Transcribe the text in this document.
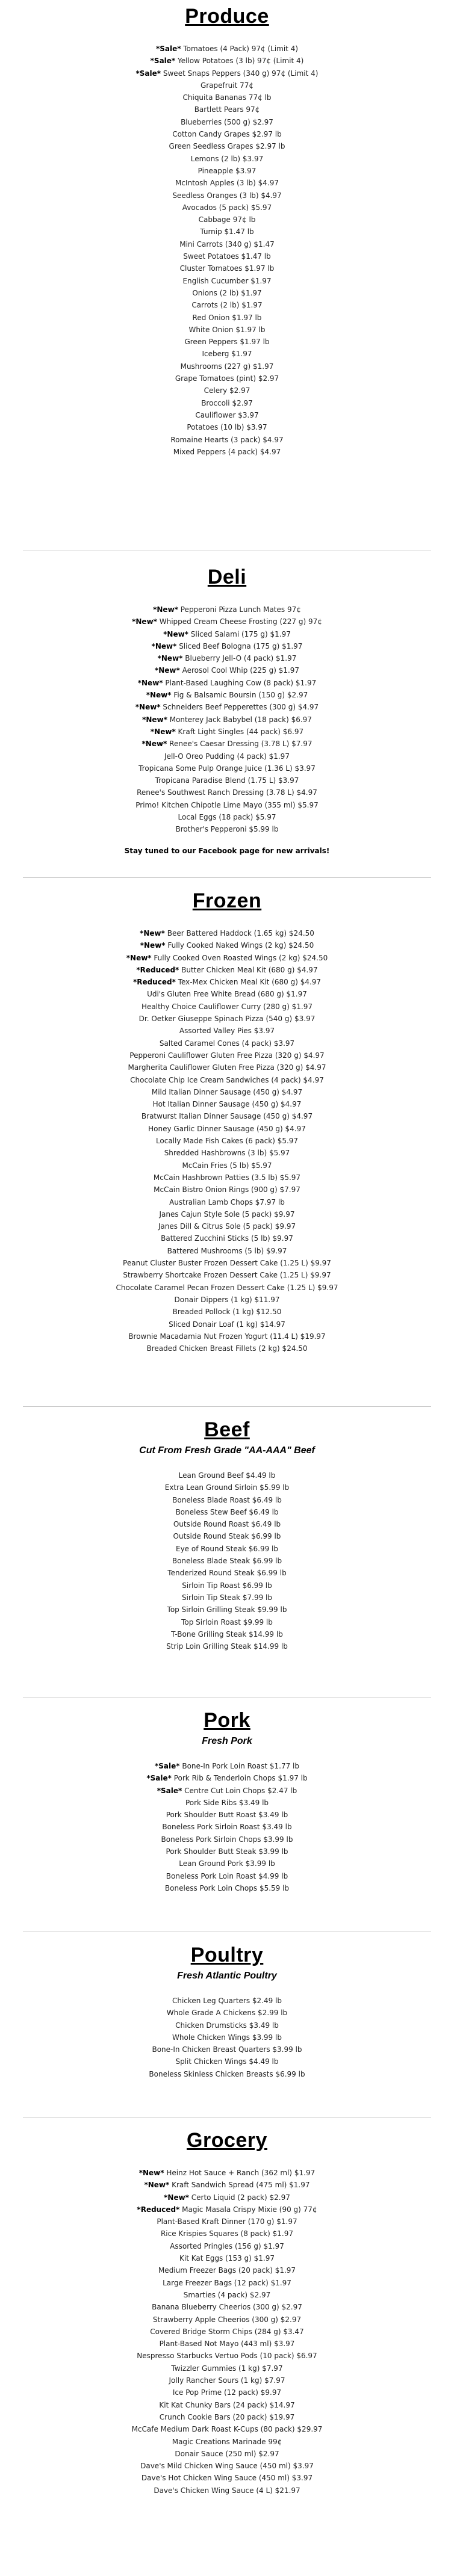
Produce
*Sale* Tomatoes (4 Pack) 97¢ (Limit 4)
*Sale* Yellow Potatoes (3 lb) 97¢ (Limit 4)
*Sale* Sweet Snaps Peppers (340 g) 97¢ (Limit 4)
Grapefruit 77¢
Chiquita Bananas 77¢ lb
Bartlett Pears 97¢
Blueberries (500 g) $2.97
Cotton Candy Grapes $2.97 lb
Green Seedless Grapes $2.97 lb
Lemons (2 lb) $3.97
Pineapple $3.97
McIntosh Apples (3 lb) $4.97
Seedless Oranges (3 lb) $4.97
Avocados (5 pack) $5.97
Cabbage 97¢ lb
Turnip $1.47 lb
Mini Carrots (340 g) $1.47
Sweet Potatoes $1.47 lb
Cluster Tomatoes $1.97 lb
English Cucumber $1.97
Onions (2 lb) $1.97
Carrots (2 lb) $1.97
Red Onion $1.97 lb
White Onion $1.97 lb
Green Peppers $1.97 lb
Iceberg $1.97
Mushrooms (227 g) $1.97
Grape Tomatoes (pint) $2.97
Celery $2.97
Broccoli $2.97
Cauliflower $3.97
Potatoes (10 lb) $3.97
Romaine Hearts (3 pack) $4.97
Mixed Peppers (4 pack) $4.97
Deli
*New* Pepperoni Pizza Lunch Mates 97¢
*New* Whipped Cream Cheese Frosting (227 g) 97¢
*New* Sliced Salami (175 g) $1.97
*New* Sliced Beef Bologna (175 g) $1.97
*New* Blueberry Jell-O (4 pack) $1.97
*New* Aerosol Cool Whip (225 g) $1.97
*New* Plant-Based Laughing Cow (8 pack) $1.97
*New* Fig & Balsamic Boursin (150 g) $2.97
*New* Schneiders Beef Pepperettes (300 g) $4.97
*New* Monterey Jack Babybel (18 pack) $6.97
*New* Kraft Light Singles (44 pack) $6.97
*New* Renee's Caesar Dressing (3.78 L) $7.97
Jell-O Oreo Pudding (4 pack) $1.97
Tropicana Some Pulp Orange Juice (1.36 L) $3.97
Tropicana Paradise Blend (1.75 L) $3.97
Renee's Southwest Ranch Dressing (3.78 L) $4.97
Primo! Kitchen Chipotle Lime Mayo (355 ml) $5.97
Local Eggs (18 pack) $5.97
Brother's Pepperoni $5.99 lb
Stay tuned to our Facebook page for new arrivals!
Frozen
*New* Beer Battered Haddock (1.65 kg) $24.50
*New* Fully Cooked Naked Wings (2 kg) $24.50
*New* Fully Cooked Oven Roasted Wings (2 kg) $24.50
*Reduced* Butter Chicken Meal Kit (680 g) $4.97
*Reduced* Tex-Mex Chicken Meal Kit (680 g) $4.97
Udi's Gluten Free White Bread (680 g) $1.97
Healthy Choice Cauliflower Curry (280 g) $1.97
Dr. Oetker Giuseppe Spinach Pizza (540 g) $3.97
Assorted Valley Pies $3.97
Salted Caramel Cones (4 pack) $3.97
Pepperoni Cauliflower Gluten Free Pizza (320 g) $4.97
Margherita Cauliflower Gluten Free Pizza (320 g) $4.97
Chocolate Chip Ice Cream Sandwiches (4 pack) $4.97
Mild Italian Dinner Sausage (450 g) $4.97
Hot Italian Dinner Sausage (450 g) $4.97
Bratwurst Italian Dinner Sausage (450 g) $4.97
Honey Garlic Dinner Sausage (450 g) $4.97
Locally Made Fish Cakes (6 pack) $5.97
Shredded Hashbrowns (3 lb) $5.97
McCain Fries (5 lb) $5.97
McCain Hashbrown Patties (3.5 lb) $5.97
McCain Bistro Onion Rings (900 g) $7.97
Australian Lamb Chops $7.97 lb
Janes Cajun Style Sole (5 pack) $9.97
Janes Dill & Citrus Sole (5 pack) $9.97
Battered Zucchini Sticks (5 lb) $9.97
Battered Mushrooms (5 lb) $9.97
Peanut Cluster Buster Frozen Dessert Cake (1.25 L) $9.97
Strawberry Shortcake Frozen Dessert Cake (1.25 L) $9.97
Chocolate Caramel Pecan Frozen Dessert Cake (1.25 L) $9.97
Donair Dippers (1 kg) $11.97
Breaded Pollock (1 kg) $12.50
Sliced Donair Loaf (1 kg) $14.97
Brownie Macadamia Nut Frozen Yogurt (11.4 L) $19.97
Breaded Chicken Breast Fillets (2 kg) $24.50
Beef
Cut From Fresh Grade "AA-AAA" Beef
Lean Ground Beef $4.49 lb
Extra Lean Ground Sirloin $5.99 lb
Boneless Blade Roast $6.49 lb
Boneless Stew Beef $6.49 lb
Outside Round Roast $6.49 lb
Outside Round Steak $6.99 lb
Eye of Round Steak $6.99 lb
Boneless Blade Steak $6.99 lb
Tenderized Round Steak $6.99 lb
Sirloin Tip Roast $6.99 lb
Sirloin Tip Steak $7.99 lb
Top Sirloin Grilling Steak $9.99 lb
Top Sirloin Roast $9.99 lb
T-Bone Grilling Steak $14.99 lb
Strip Loin Grilling Steak $14.99 lb
Pork
Fresh Pork
*Sale* Bone-In Pork Loin Roast $1.77 lb
*Sale* Pork Rib & Tenderloin Chops $1.97 lb
*Sale* Centre Cut Loin Chops $2.47 lb
Pork Side Ribs $3.49 lb
Pork Shoulder Butt Roast $3.49 lb
Boneless Pork Sirloin Roast $3.49 lb
Boneless Pork Sirloin Chops $3.99 lb
Pork Shoulder Butt Steak $3.99 lb
Lean Ground Pork $3.99 lb
Boneless Pork Loin Roast $4.99 lb
Boneless Pork Loin Chops $5.59 lb
Poultry
Fresh Atlantic Poultry
Chicken Leg Quarters $2.49 lb
Whole Grade A Chickens $2.99 lb
Chicken Drumsticks $3.49 lb
Whole Chicken Wings $3.99 lb
Bone-In Chicken Breast Quarters $3.99 lb
Split Chicken Wings $4.49 lb
Boneless Skinless Chicken Breasts $6.99 lb
Grocery
*New* Heinz Hot Sauce + Ranch (362 ml) $1.97
*New* Kraft Sandwich Spread (475 ml) $1.97
*New* Certo Liquid (2 pack) $2.97
*Reduced* Magic Masala Crispy Mixie (90 g) 77¢
Plant-Based Kraft Dinner (170 g) $1.97
Rice Krispies Squares (8 pack) $1.97
Assorted Pringles (156 g) $1.97
Kit Kat Eggs (153 g) $1.97
Medium Freezer Bags (20 pack) $1.97
Large Freezer Bags (12 pack) $1.97
Smarties (4 pack) $2.97
Banana Blueberry Cheerios (300 g) $2.97
Strawberry Apple Cheerios (300 g) $2.97
Covered Bridge Storm Chips (284 g) $3.47
Plant-Based Not Mayo (443 ml) $3.97
Nespresso Starbucks Vertuo Pods (10 pack) $6.97
Twizzler Gummies (1 kg) $7.97
Jolly Rancher Sours (1 kg) $7.97
Ice Pop Prime (12 pack) $9.97
Kit Kat Chunky Bars (24 pack) $14.97
Crunch Cookie Bars (20 pack) $19.97
McCafe Medium Dark Roast K-Cups (80 pack) $29.97
Magic Creations Marinade 99¢
Donair Sauce (250 ml) $2.97
Dave's Mild Chicken Wing Sauce (450 ml) $3.97
Dave's Hot Chicken Wing Sauce (450 ml) $3.97
Dave's Chicken Wing Sauce (4 L) $21.97
